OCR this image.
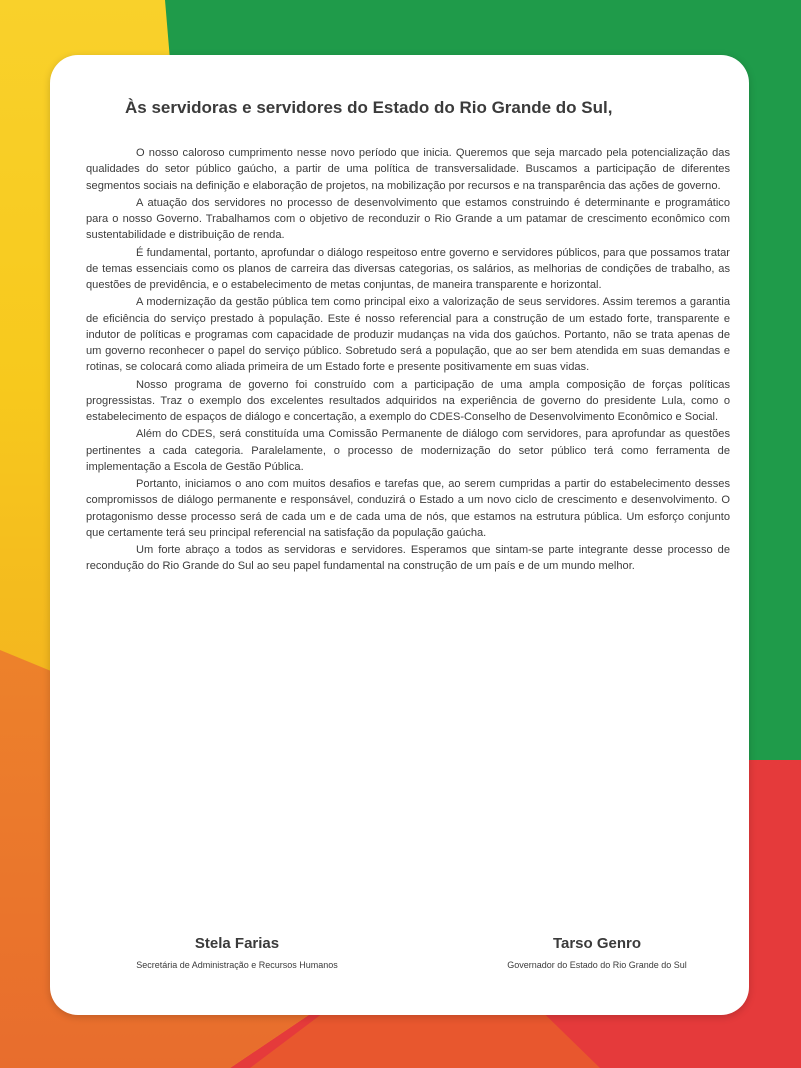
Às servidoras e servidores do Estado do Rio Grande do Sul,

O nosso caloroso cumprimento nesse novo período que inicia. Queremos que seja marcado pela potencialização das qualidades do setor público gaúcho, a partir de uma política de transversalidade. Buscamos a participação de diferentes segmentos sociais na definição e elaboração de projetos, na mobilização por recursos e na transparência das ações de governo.

A atuação dos servidores no processo de desenvolvimento que estamos construindo é determinante e programático para o nosso Governo. Trabalhamos com o objetivo de reconduzir o Rio Grande a um patamar de crescimento econômico com sustentabilidade e distribuição de renda.

É fundamental, portanto, aprofundar o diálogo respeitoso entre governo e servidores públicos, para que possamos tratar de temas essenciais como os planos de carreira das diversas categorias, os salários, as melhorias de condições de trabalho, as questões de previdência, e o estabelecimento de metas conjuntas, de maneira transparente e horizontal.

A modernização da gestão pública tem como principal eixo a valorização de seus servidores. Assim teremos a garantia de eficiência do serviço prestado à população. Este é nosso referencial para a construção de um estado forte, transparente e indutor de políticas e programas com capacidade de produzir mudanças na vida dos gaúchos. Portanto, não se trata apenas de um governo reconhecer o papel do serviço público. Sobretudo será a população, que ao ser bem atendida em suas demandas e rotinas, se colocará como aliada primeira de um Estado forte e presente positivamente em suas vidas.

Nosso programa de governo foi construído com a participação de uma ampla composição de forças políticas progressistas. Traz o exemplo dos excelentes resultados adquiridos na experiência de governo do presidente Lula, como o estabelecimento de espaços de diálogo e concertação, a exemplo do CDES-Conselho de Desenvolvimento Econômico e Social.

Além do CDES, será constituída uma Comissão Permanente de diálogo com servidores, para aprofundar as questões pertinentes a cada categoria. Paralelamente, o processo de modernização do setor público terá como ferramenta de implementação a Escola de Gestão Pública.

Portanto, iniciamos o ano com muitos desafios e tarefas que, ao serem cumpridas a partir do estabelecimento desses compromissos de diálogo permanente e responsável, conduzirá o Estado a um novo ciclo de crescimento e desenvolvimento. O protagonismo desse processo será de cada um e de cada uma de nós, que estamos na estrutura pública. Um esforço conjunto que certamente terá seu principal referencial na satisfação da população gaúcha.

Um forte abraço a todos as servidoras e servidores. Esperamos que sintam-se parte integrante desse processo de recondução do Rio Grande do Sul ao seu papel fundamental na construção de um país e de um mundo melhor.

Stela Farias
Secretária de Administração e Recursos Humanos
Tarso Genro
Governador do Estado do Rio Grande do Sul
